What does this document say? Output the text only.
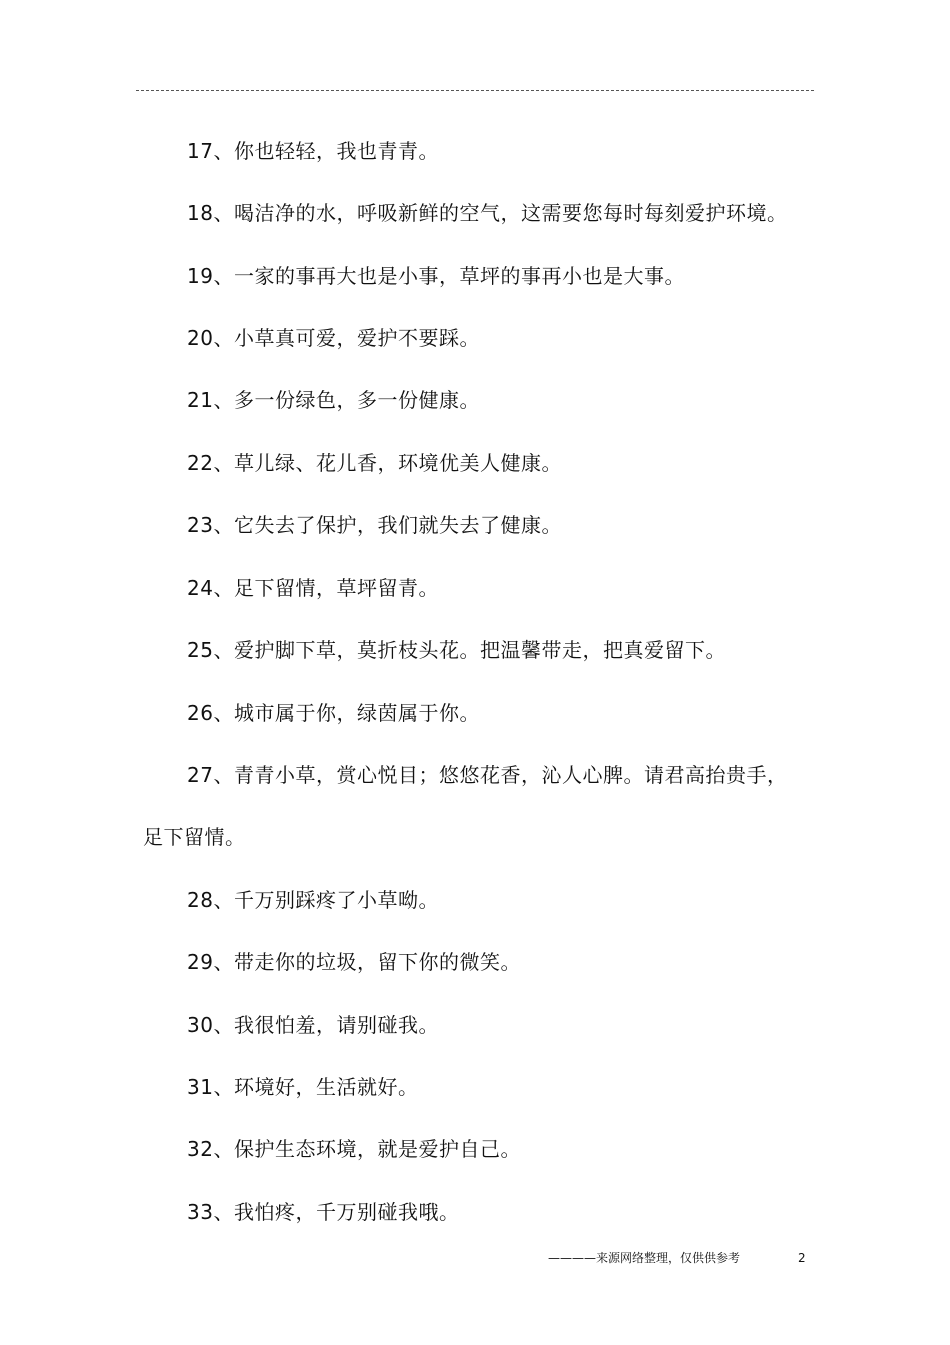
17、你也轻轻，我也青青。
18、喝洁净的水，呼吸新鲜的空气，这需要您每时每刻爱护环境。
19、一家的事再大也是小事，草坪的事再小也是大事。
20、小草真可爱，爱护不要踩。
21、多一份绿色，多一份健康。
22、草儿绿、花儿香，环境优美人健康。
23、它失去了保护，我们就失去了健康。
24、足下留情，草坪留青。
25、爱护脚下草，莫折枝头花。把温馨带走，把真爱留下。
26、城市属于你，绿茵属于你。
27、青青小草，赏心悦目；悠悠花香，沁人心脾。请君高抬贵手，
足下留情。
28、千万别踩疼了小草呦。
29、带走你的垃圾，留下你的微笑。
30、我很怕羞，请别碰我。
31、环境好，生活就好。
32、保护生态环境，就是爱护自己。
33、我怕疼，千万别碰我哦。
————来源网络整理，仅供供参考	2
